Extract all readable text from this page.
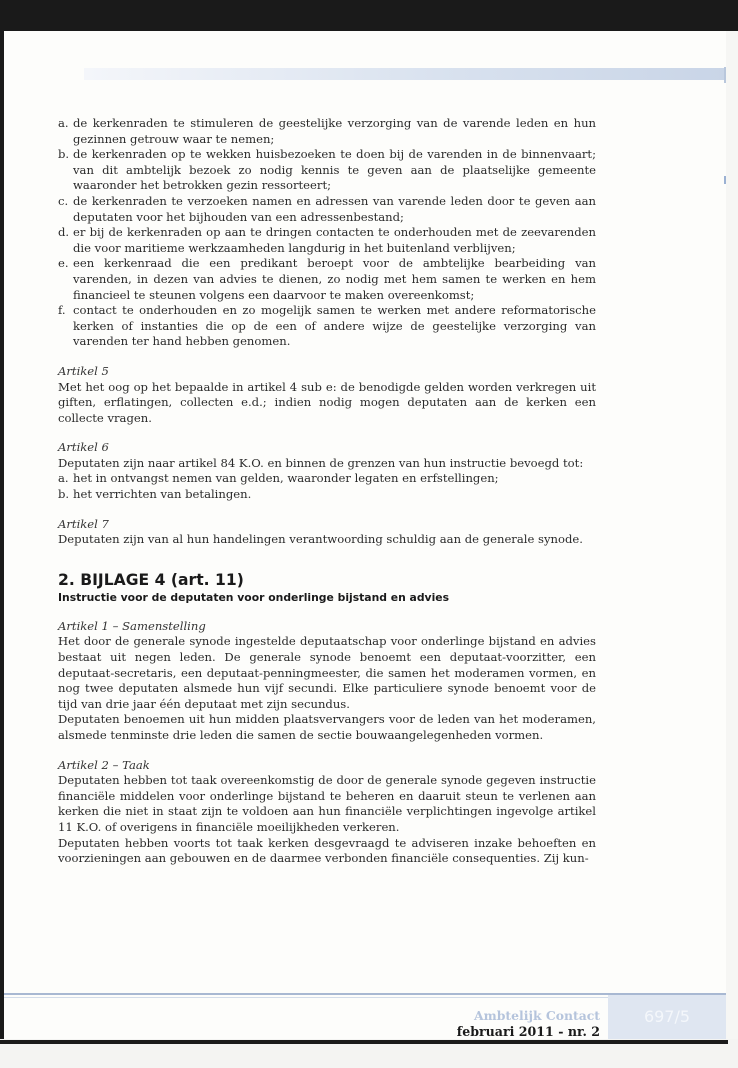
a. de kerkenraden te stimuleren de geestelijke verzorging van de varende leden en hun gezinnen getrouw waar te nemen;
b. de kerkenraden op te wekken huisbezoeken te doen bij de varenden in de binnenvaart; van dit ambtelijk bezoek zo nodig kennis te geven aan de plaatselijke gemeente waaronder het betrokken gezin ressorteert;
c. de kerkenraden te verzoeken namen en adressen van varende leden door te geven aan deputaten voor het bijhouden van een adressenbestand;
d. er bij de kerkenraden op aan te dringen contacten te onderhouden met de zeevarenden die voor maritieme werkzaamheden langdurig in het buitenland verblijven;
e. een kerkenraad die een predikant beroept voor de ambtelijke bearbeiding van varenden, in dezen van advies te dienen, zo nodig met hem samen te werken en hem financieel te steunen volgens een daarvoor te maken overeenkomst;
f. contact te onderhouden en zo mogelijk samen te werken met andere reformatorische kerken of instanties die op de een of andere wijze de geestelijke verzorging van varenden ter hand hebben genomen.

Artikel 5

Met het oog op het bepaalde in artikel 4 sub e: de benodigde gelden worden verkregen uit giften, erflatingen, collecten e.d.; indien nodig mogen deputaten aan de kerken een collecte vragen.

Artikel 6

Deputaten zijn naar artikel 84 K.O. en binnen de grenzen van hun instructie bevoegd tot:

a. het in ontvangst nemen van gelden, waaronder legaten en erfstellingen;
b. het verrichten van betalingen.

Artikel 7

Deputaten zijn van al hun handelingen verantwoording schuldig aan de generale synode.

2. BIJLAGE 4 (art. 11)

Instructie voor de deputaten voor onderlinge bijstand en advies

Artikel 1 – Samenstelling

Het door de generale synode ingestelde deputaatschap voor onderlinge bijstand en advies bestaat uit negen leden. De generale synode benoemt een deputaat-voorzitter, een deputaat-secretaris, een deputaat-penningmeester, die samen het moderamen vormen, en nog twee deputaten alsmede hun vijf secundi. Elke particuliere synode benoemt voor de tijd van drie jaar één deputaat met zijn secundus.

Deputaten benoemen uit hun midden plaatsvervangers voor de leden van het moderamen, alsmede tenminste drie leden die samen de sectie bouwaangelegenheden vormen.

Artikel 2 – Taak

Deputaten hebben tot taak overeenkomstig de door de generale synode gegeven instructie financiële middelen voor onderlinge bijstand te beheren en daaruit steun te verlenen aan kerken die niet in staat zijn te voldoen aan hun financiële verplichtingen ingevolge artikel 11 K.O. of overigens in financiële moeilijkheden verkeren.

Deputaten hebben voorts tot taak kerken desgevraagd te adviseren inzake behoeften en voorzieningen aan gebouwen en de daarmee verbonden financiële consequenties. Zij kun-

Ambtelijk Contact
februari 2011 - nr. 2
697/5
